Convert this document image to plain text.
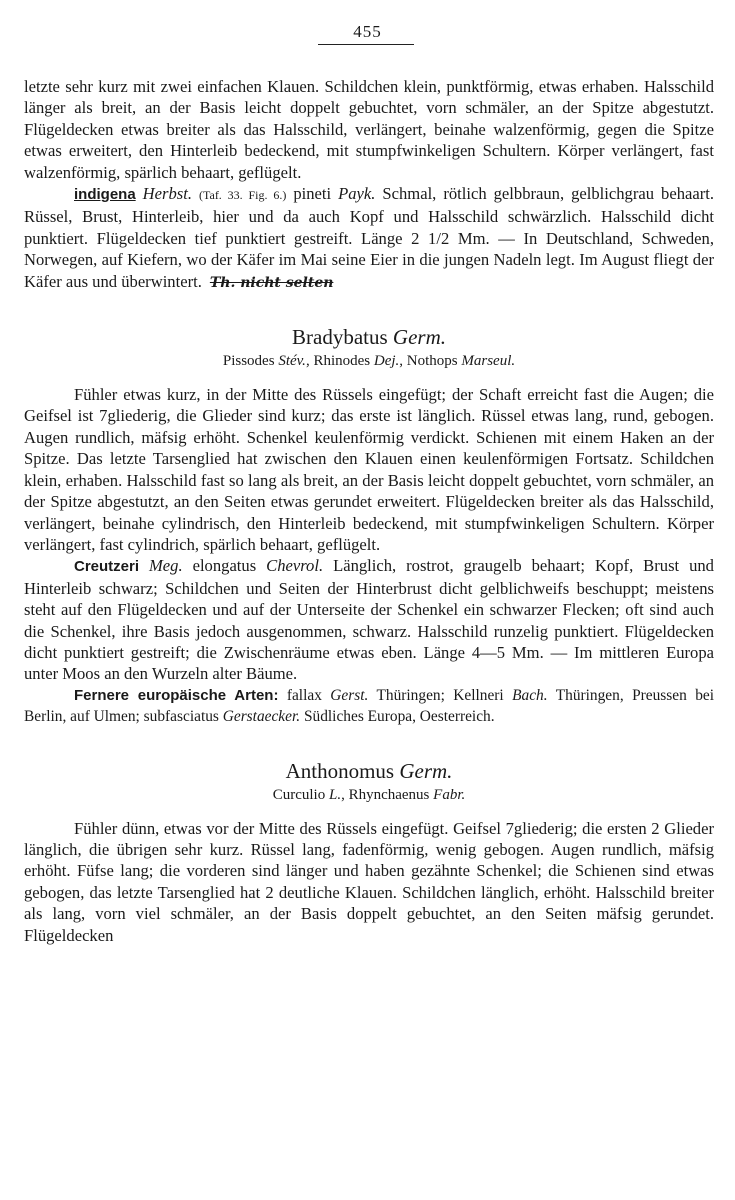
455

letzte sehr kurz mit zwei einfachen Klauen. Schildchen klein, punktförmig, etwas erhaben. Halsschild länger als breit, an der Basis leicht doppelt gebuchtet, vorn schmäler, an der Spitze abgestutzt. Flügeldecken etwas breiter als das Halsschild, verlängert, beinahe walzenförmig, gegen die Spitze etwas erweitert, den Hinterleib bedeckend, mit stumpfwinkeligen Schultern. Körper verlängert, fast walzenförmig, spärlich behaart, geflügelt.

indigena Herbst. (Taf. 33. Fig. 6.) pineti Payk. Schmal, rötlich gelbbraun, gelblichgrau behaart. Rüssel, Brust, Hinterleib, hier und da auch Kopf und Halsschild schwärzlich. Halsschild dicht punktiert. Flügeldecken tief punktiert gestreift. Länge 2 1/2 Mm. — In Deutschland, Schweden, Norwegen, auf Kiefern, wo der Käfer im Mai seine Eier in die jungen Nadeln legt. Im August fliegt der Käfer aus und überwintert. Th. nicht selten

Bradybatus Germ.
Pissodes Stév., Rhinodes Dej., Nothops Marseul.

Fühler etwas kurz, in der Mitte des Rüssels eingefügt; der Schaft erreicht fast die Augen; die Geifsel ist 7gliederig, die Glieder sind kurz; das erste ist länglich. Rüssel etwas lang, rund, gebogen. Augen rundlich, mäfsig erhöht. Schenkel keulenförmig verdickt. Schienen mit einem Haken an der Spitze. Das letzte Tarsenglied hat zwischen den Klauen einen keulenförmigen Fortsatz. Schildchen klein, erhaben. Halsschild fast so lang als breit, an der Basis leicht doppelt gebuchtet, vorn schmäler, an der Spitze abgestutzt, an den Seiten etwas gerundet erweitert. Flügeldecken breiter als das Halsschild, verlängert, beinahe cylindrisch, den Hinterleib bedeckend, mit stumpfwinkeligen Schultern. Körper verlängert, fast cylindrich, spärlich behaart, geflügelt.

Creutzeri Meg. elongatus Chevrol. Länglich, rostrot, graugelb behaart; Kopf, Brust und Hinterleib schwarz; Schildchen und Seiten der Hinterbrust dicht gelblichweifs beschuppt; meistens steht auf den Flügeldecken und auf der Unterseite der Schenkel ein schwarzer Flecken; oft sind auch die Schenkel, ihre Basis jedoch ausgenommen, schwarz. Halsschild runzelig punktiert. Flügeldecken dicht punktiert gestreift; die Zwischenräume etwas eben. Länge 4—5 Mm. — Im mittleren Europa unter Moos an den Wurzeln alter Bäume.

Fernere europäische Arten: fallax Gerst. Thüringen; Kellneri Bach. Thüringen, Preussen bei Berlin, auf Ulmen; subfasciatus Gerstaecker. Südliches Europa, Oesterreich.

Anthonomus Germ.
Curculio L., Rhynchaenus Fabr.

Fühler dünn, etwas vor der Mitte des Rüssels eingefügt. Geifsel 7gliederig; die ersten 2 Glieder länglich, die übrigen sehr kurz. Rüssel lang, fadenförmig, wenig gebogen. Augen rundlich, mäfsig erhöht. Füfse lang; die vorderen sind länger und haben gezähnte Schenkel; die Schienen sind etwas gebogen, das letzte Tarsenglied hat 2 deutliche Klauen. Schildchen länglich, erhöht. Halsschild breiter als lang, vorn viel schmäler, an der Basis doppelt gebuchtet, an den Seiten mäfsig gerundet. Flügeldecken
